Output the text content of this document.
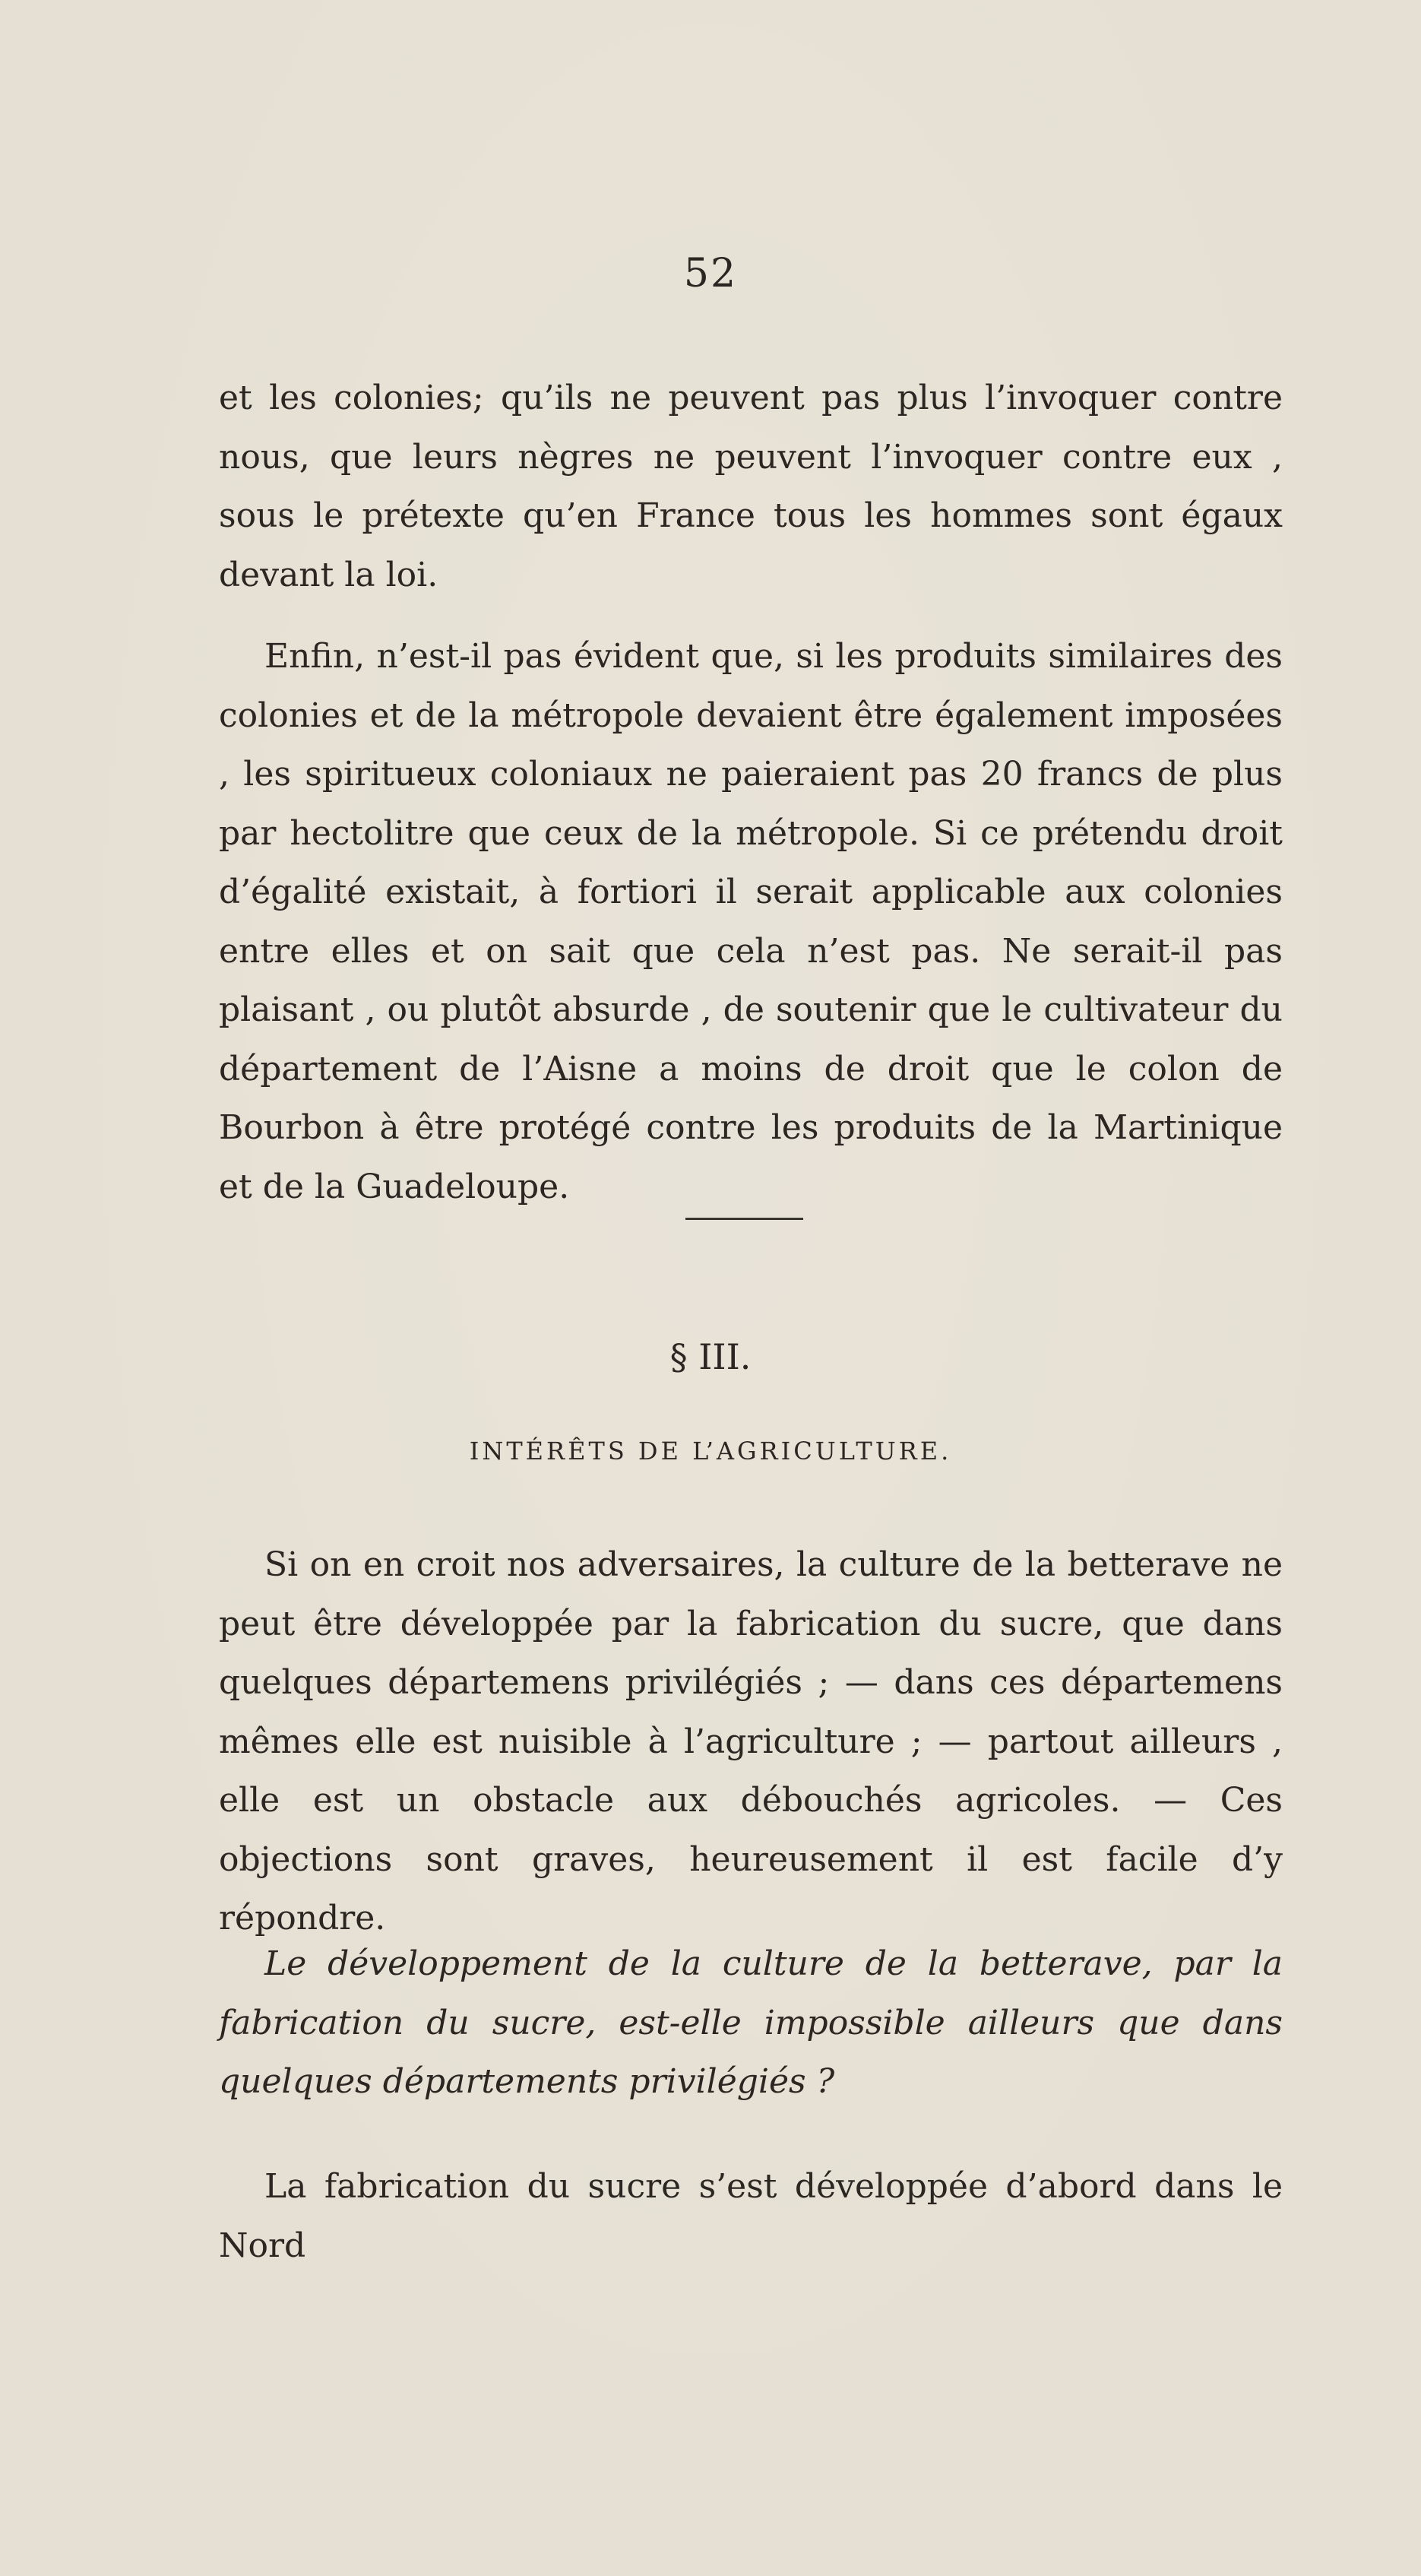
52

et les colonies; qu’ils ne peuvent pas plus l’invoquer contre nous, que leurs nègres ne peuvent l’invoquer contre eux , sous le prétexte qu’en France tous les hommes sont égaux devant la loi.

Enfin, n’est-il pas évident que, si les produits similaires des colonies et de la métropole devaient être également imposées , les spiritueux coloniaux ne paieraient pas 20 francs de plus par hectolitre que ceux de la métropole. Si ce prétendu droit d’égalité existait, à fortiori il serait applicable aux colonies entre elles et on sait que cela n’est pas. Ne serait-il pas plaisant , ou plutôt absurde , de soutenir que le cultivateur du département de l’Aisne a moins de droit que le colon de Bourbon à être protégé contre les produits de la Martinique et de la Guadeloupe.

§ III.
INTÉRÊTS DE L’AGRICULTURE.

Si on en croit nos adversaires, la culture de la betterave ne peut être développée par la fabrication du sucre, que dans quelques départemens privilégiés ; — dans ces départemens mêmes elle est nuisible à l’agriculture ; — partout ailleurs , elle est un obstacle aux débouchés agricoles. — Ces objections sont graves, heureusement il est facile d’y répondre.

Le développement de la culture de la betterave, par la fabrication du sucre, est-elle impossible ailleurs que dans quelques départements privilégiés ?

La fabrication du sucre s’est développée d’abord dans le Nord
